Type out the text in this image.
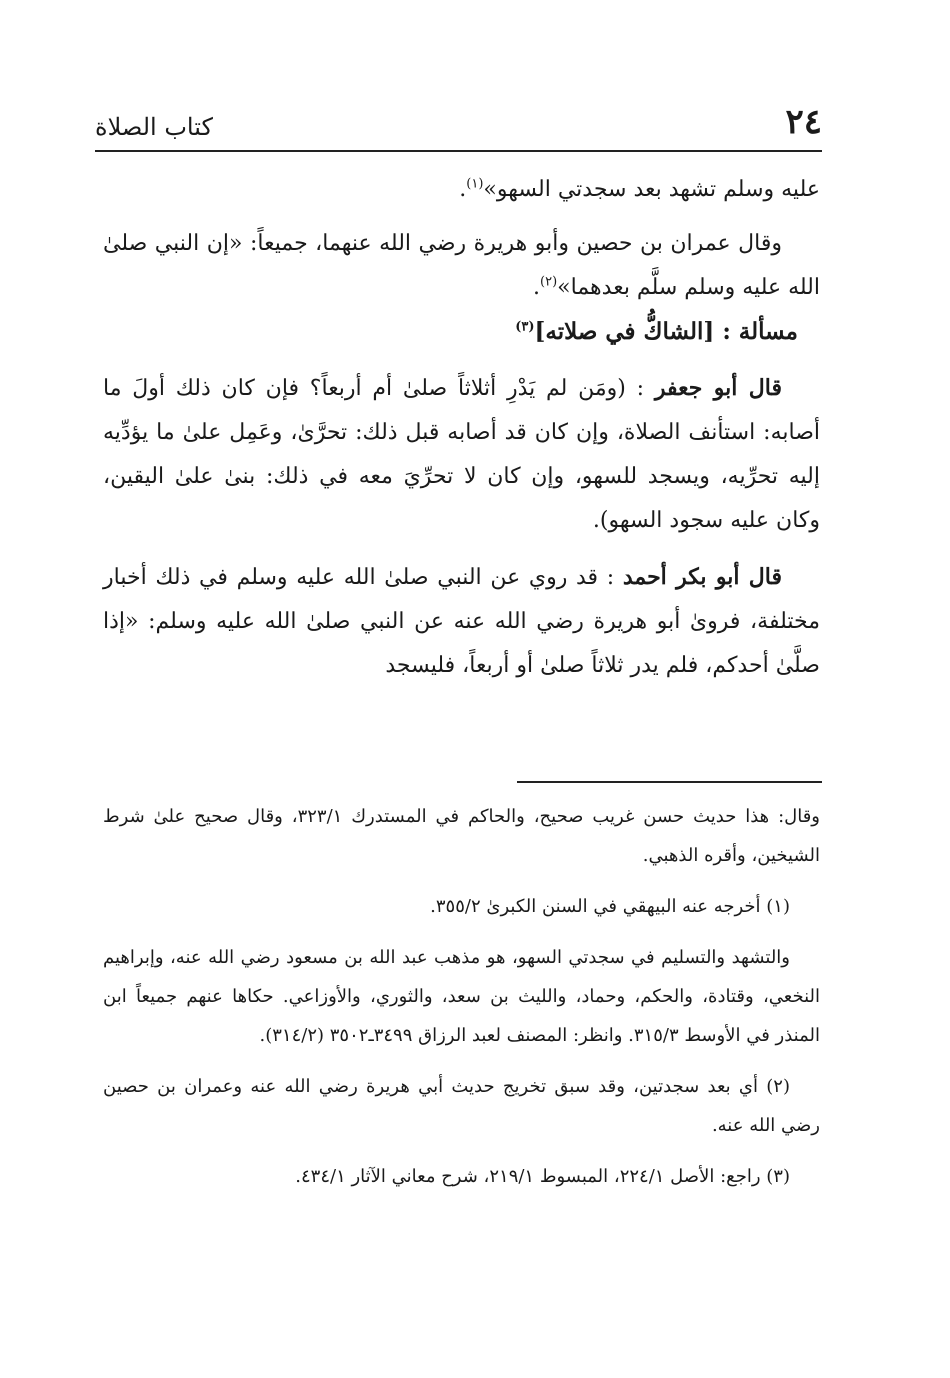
٢٤
كتاب الصلاة

عليه وسلم تشهد بعد سجدتي السهو»$^{(١)}$.

وقال عمران بن حصين وأبو هريرة رضي الله عنهما، جميعاً: «إن النبي صلىٰ الله عليه وسلم سلَّم بعدهما»$^{(٢)}$.

مسألة : [الشاكُّ في صلاته]$^{(٣)}$

قال أبو جعفر : (ومَن لم يَدْرِ أثلاثاً صلىٰ أم أربعاً؟ فإن كان ذلك أولَ ما أصابه: استأنف الصلاة، وإن كان قد أصابه قبل ذلك: تحرَّىٰ، وعَمِل علىٰ ما يؤدِّيه إليه تحرِّيه، ويسجد للسهو، وإن كان لا تحرِّيَ معه في ذلك: بنىٰ علىٰ اليقين، وكان عليه سجود السهو).

قال أبو بكر أحمد : قد روي عن النبي صلىٰ الله عليه وسلم في ذلك أخبار مختلفة، فروىٰ أبو هريرة رضي الله عنه عن النبي صلىٰ الله عليه وسلم: «إذا صلَّىٰ أحدكم، فلم يدر ثلاثاً صلىٰ أو أربعاً، فليسجد

وقال: هذا حديث حسن غريب صحيح، والحاكم في المستدرك ٣٢٣/١، وقال صحيح علىٰ شرط الشيخين، وأقره الذهبي.

(١) أخرجه عنه البيهقي في السنن الكبرىٰ ٣٥٥/٢.

والتشهد والتسليم في سجدتي السهو، هو مذهب عبد الله بن مسعود رضي الله عنه، وإبراهيم النخعي، وقتادة، والحكم، وحماد، والليث بن سعد، والثوري، والأوزاعي. حكاها عنهم جميعاً ابن المنذر في الأوسط ٣١٥/٣. وانظر: المصنف لعبد الرزاق ٣٤٩٩ـ٣٥٠٢ (٣١٤/٢).

(٢) أي بعد سجدتين، وقد سبق تخريج حديث أبي هريرة رضي الله عنه وعمران بن حصين رضي الله عنه.

(٣) راجع: الأصل ٢٢٤/١، المبسوط ٢١٩/١، شرح معاني الآثار ٤٣٤/١.
